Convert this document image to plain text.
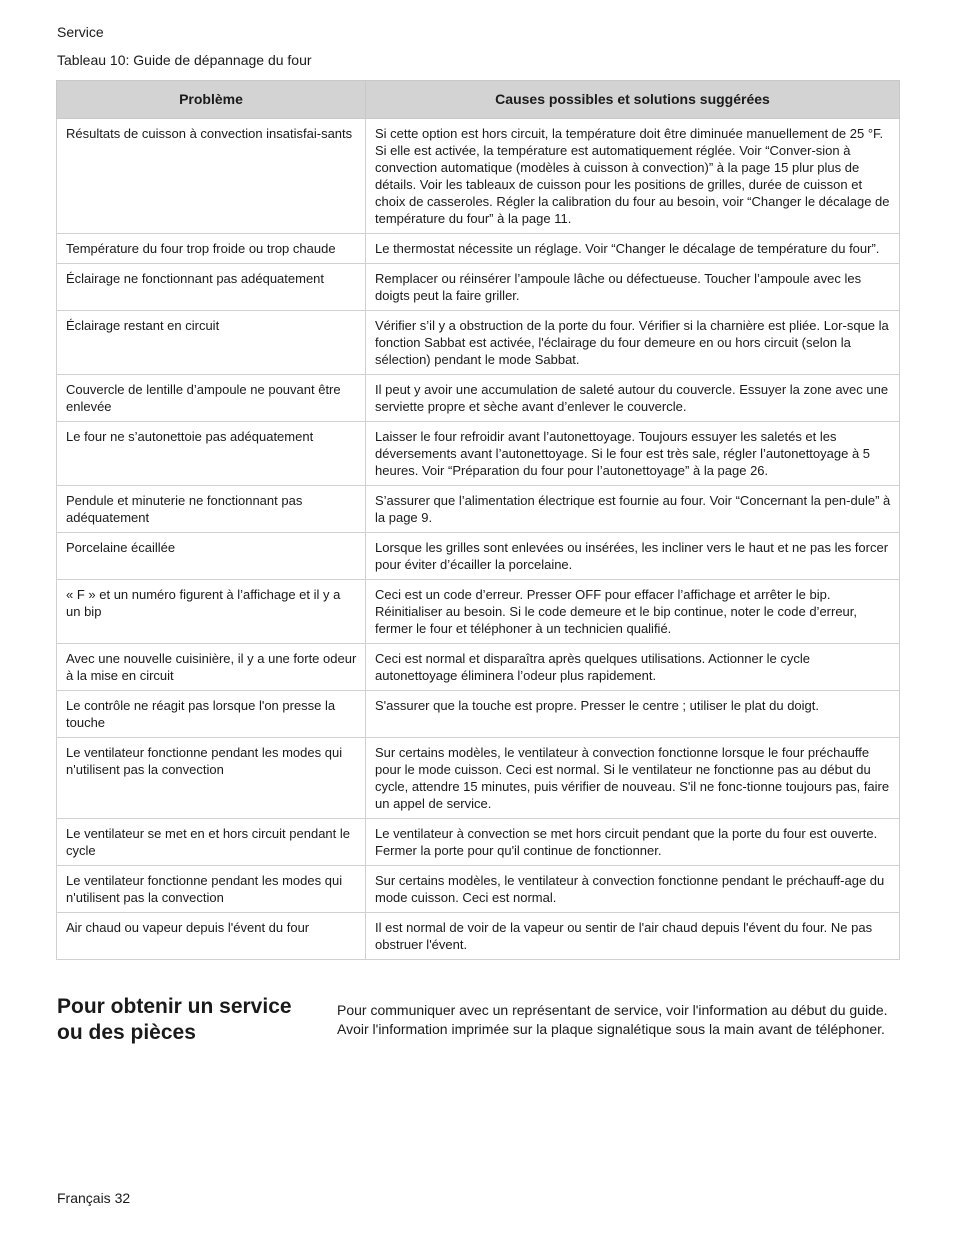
Service
Tableau 10: Guide de dépannage du four
Problème	Causes possibles et solutions suggérées
Résultats de cuisson à convection insatisfai-sants	Si cette option est hors circuit, la température doit être diminuée manuellement de 25 °F. Si elle est activée, la température est automatiquement réglée. Voir “Conver-sion à convection automatique (modèles à cuisson à convection)” à la page 15 plur plus de détails. Voir les tableaux de cuisson pour les positions de grilles, durée de cuisson et choix de casseroles. Régler la calibration du four au besoin, voir “Changer le décalage de température du four” à la page 11.
Température du four trop froide ou trop chaude	Le thermostat nécessite un réglage. Voir “Changer le décalage de température du four”.
Éclairage ne fonctionnant pas adéquatement	Remplacer ou réinsérer l’ampoule lâche ou défectueuse. Toucher l’ampoule avec les doigts peut la faire griller.
Éclairage restant en circuit	Vérifier s’il y a obstruction de la porte du four. Vérifier si la charnière est pliée. Lor-sque la fonction Sabbat est activée, l'éclairage du four demeure en ou hors circuit (selon la sélection) pendant le mode Sabbat.
Couvercle de lentille d’ampoule ne pouvant être enlevée	Il peut y avoir une accumulation de saleté autour du couvercle. Essuyer la zone avec une serviette propre et sèche avant d’enlever le couvercle.
Le four ne s’autonettoie pas adéquatement	Laisser le four refroidir avant l’autonettoyage. Toujours essuyer les saletés et les déversements avant l’autonettoyage. Si le four est très sale, régler l’autonettoyage à 5 heures. Voir “Préparation du four pour l’autonettoyage” à la page 26.
Pendule et minuterie ne fonctionnant pas adéquatement	S’assurer que l’alimentation électrique est fournie au four. Voir “Concernant la pen-dule” à la page 9.
Porcelaine écaillée	Lorsque les grilles sont enlevées ou insérées, les incliner vers le haut et ne pas les forcer pour éviter d’écailler la porcelaine.
« F » et un numéro figurent à l’affichage et il y a un bip	Ceci est un code d’erreur. Presser OFF pour effacer l’affichage et arrêter le bip. Réinitialiser au besoin. Si le code demeure et le bip continue, noter le code d’erreur, fermer le four et téléphoner à un technicien qualifié.
Avec une nouvelle cuisinière, il y a une forte odeur à la mise en circuit	Ceci est normal et disparaîtra après quelques utilisations. Actionner le cycle autonettoyage éliminera l’odeur plus rapidement.
Le contrôle ne réagit pas lorsque l'on presse la touche	S'assurer que la touche est propre. Presser le centre ; utiliser le plat du doigt.
Le ventilateur fonctionne pendant les modes qui n'utilisent pas la convection	Sur certains modèles, le ventilateur à convection fonctionne lorsque le four préchauffe pour le mode cuisson. Ceci est normal. Si le ventilateur ne fonctionne pas au début du cycle, attendre 15 minutes, puis vérifier de nouveau. S'il ne fonc-tionne toujours pas, faire un appel de service.
Le ventilateur se met en et hors circuit pendant le cycle	Le ventilateur à convection se met hors circuit pendant que la porte du four est ouverte. Fermer la porte pour qu'il continue de fonctionner.
Le ventilateur fonctionne pendant les modes qui n'utilisent pas la convection	Sur certains modèles, le ventilateur à convection fonctionne pendant le préchauff-age du mode cuisson. Ceci est normal.
Air chaud ou vapeur depuis l'évent du four	Il est normal de voir de la vapeur ou sentir de l'air chaud depuis l'évent du four. Ne pas obstruer l'évent.
Pour obtenir un service ou des pièces

Pour communiquer avec un représentant de service, voir l'information au début du guide. Avoir l'information imprimée sur la plaque signalétique sous la main avant de téléphoner.

Français 32
